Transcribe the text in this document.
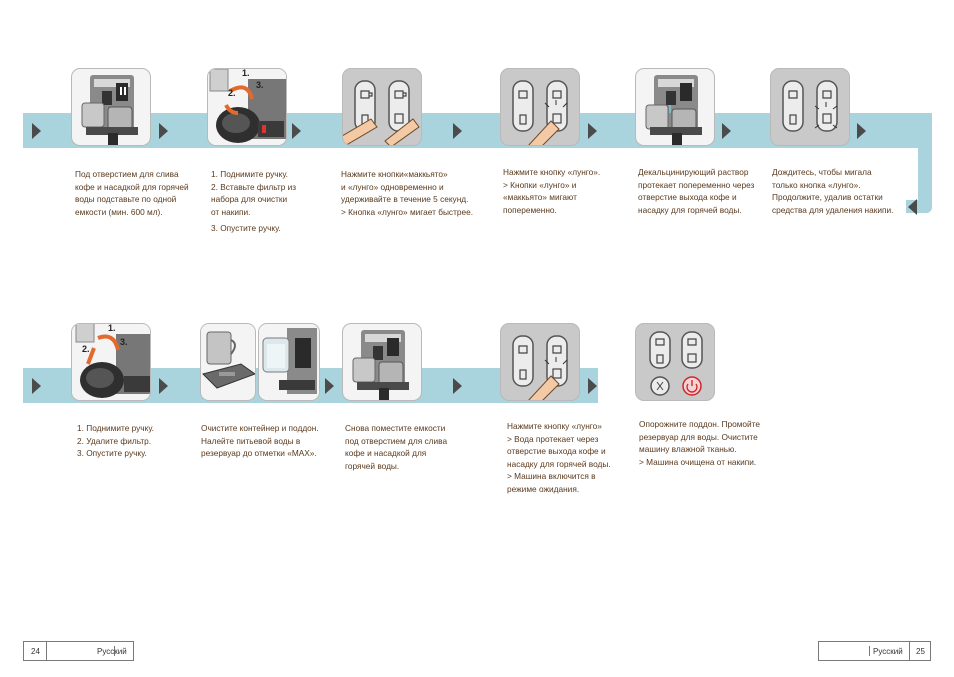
1.
2.
3.
Под отверстием для слива
кофе и насадкой для горячей
воды подставьте по одной
емкости (мин. 600 мл).
1. Поднимите ручку.
2. Вставьте фильтр из
набора для очистки
от накипи.
3. Опустите ручку.
Нажмите кнопки«маккьято»
и «лунго» одновременно и
удерживайте в течение 5 секунд.
> Кнопка «лунго» мигает быстрее.
Нажмите кнопку «лунго».
> Кнопки «лунго» и
«маккьято» мигают
попеременно.
Декальцинирующий раствор
протекает попеременно через
отверстие выхода кофе и
насадку для горячей воды.
Дождитесь, чтобы мигала
только кнопка «лунго».
Продолжите, удалив остатки
средства для удаления накипи.
1.
2.
3.
1. Поднимите ручку.
2. Удалите фильтр.
3. Опустите ручку.
Очистите контейнер и поддон.
Налейте питьевой воды в
резервуар до отметки «MAX».
Снова поместите емкости
под отверстием для слива
кофе и насадкой для
горячей воды.
Нажмите кнопку «лунго»
> Вода протекает через
отверстие выхода кофе и
насадку для горячей воды.
> Машина включится в
режиме ожидания.
Опорожните поддон. Промойте
резервуар для воды. Очистите
машину влажной тканью.
> Машина очищена от накипи.
24	Русский	Русский 25
